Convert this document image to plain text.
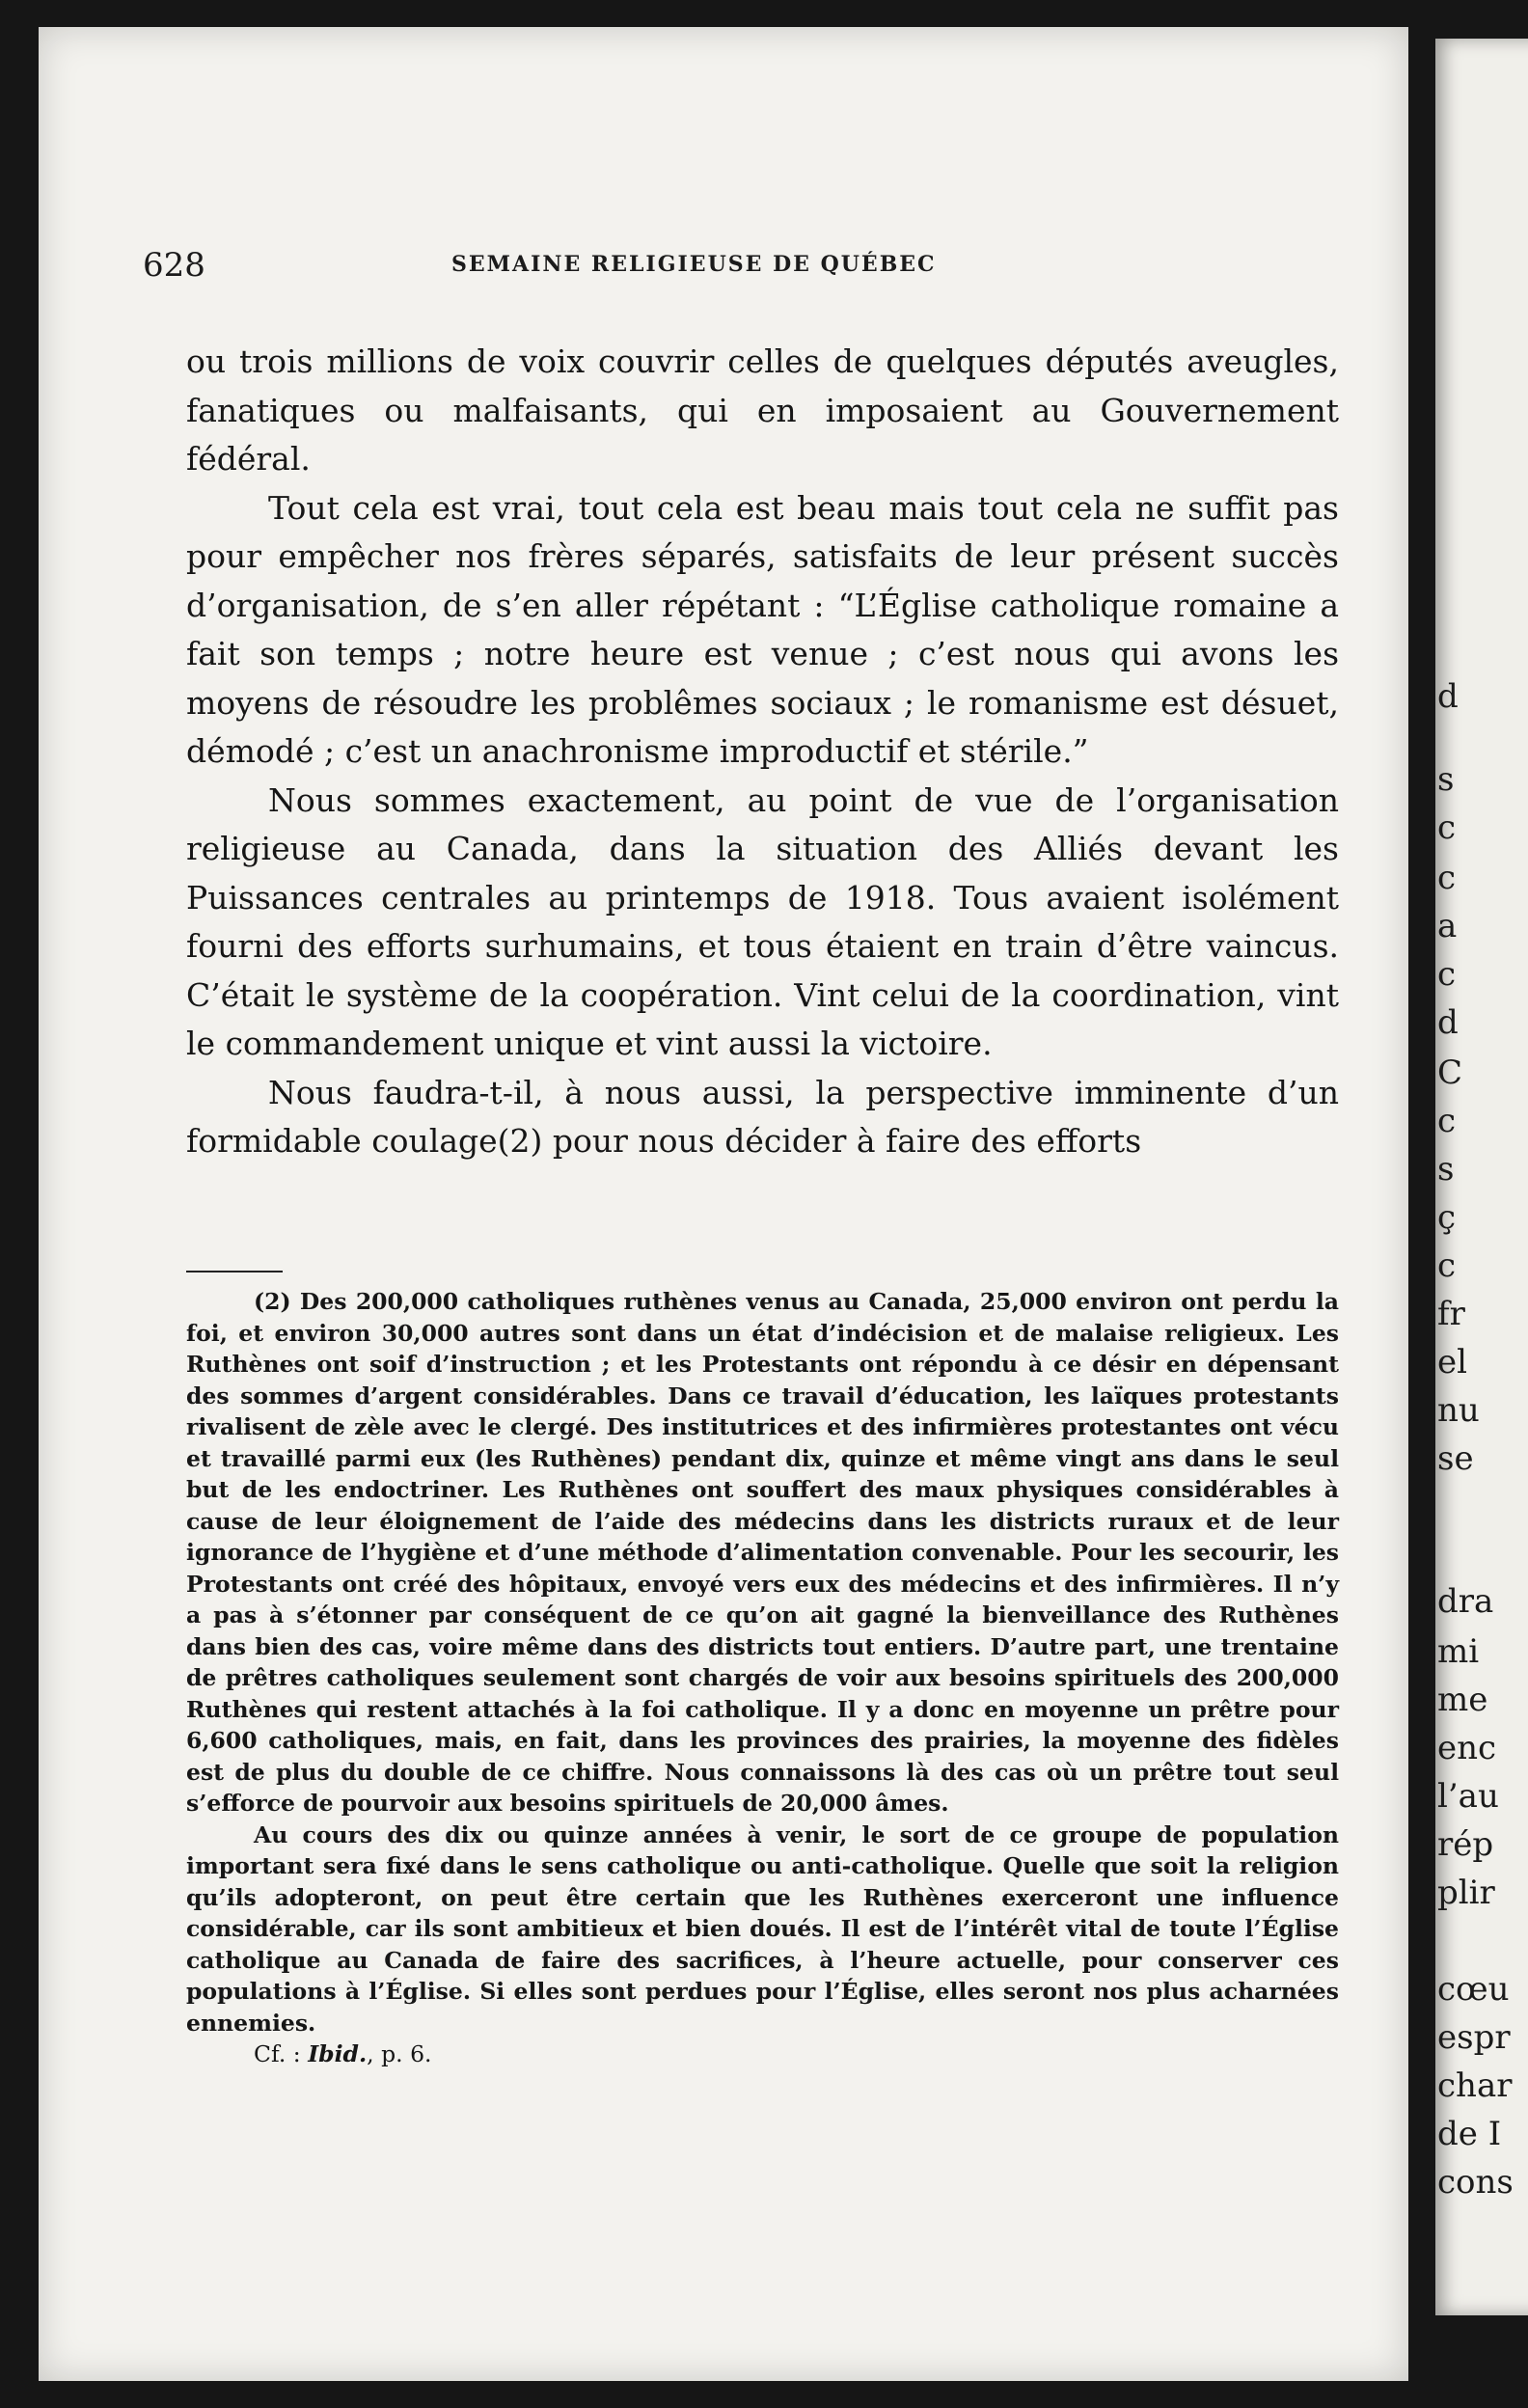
d
s
c
c
a
c
d
C
c
s
ç
c
fr
el
nu
se
dra
mi
me
enc
l’au
rép
plir
cœu
espr
char
de I
cons
628	SEMAINE RELIGIEUSE DE QUÉBEC

ou trois millions de voix couvrir celles de quelques députés aveugles, fanatiques ou malfaisants, qui en imposaient au Gouvernement fédéral.

Tout cela est vrai, tout cela est beau mais tout cela ne suffit pas pour empêcher nos frères séparés, satisfaits de leur présent succès d’organisation, de s’en aller répétant : “L’Église catholique romaine a fait son temps ; notre heure est venue ; c’est nous qui avons les moyens de résoudre les problêmes sociaux ; le romanisme est désuet, démodé ; c’est un anachronisme improductif et stérile.”

Nous sommes exactement, au point de vue de l’organisation religieuse au Canada, dans la situation des Alliés devant les Puissances centrales au printemps de 1918. Tous avaient isolément fourni des efforts surhumains, et tous étaient en train d’être vaincus. C’était le système de la coopération. Vint celui de la coordination, vint le commandement unique et vint aussi la victoire.

Nous faudra-t-il, à nous aussi, la perspective imminente d’un formidable coulage(2) pour nous décider à faire des efforts

(2) Des 200,000 catholiques ruthènes venus au Canada, 25,000 environ ont perdu la foi, et environ 30,000 autres sont dans un état d’indécision et de malaise religieux. Les Ruthènes ont soif d’instruction ; et les Protestants ont répondu à ce désir en dépensant des sommes d’argent considérables. Dans ce travail d’éducation, les laïques protestants rivalisent de zèle avec le clergé. Des institutrices et des infirmières protestantes ont vécu et travaillé parmi eux (les Ruthènes) pendant dix, quinze et même vingt ans dans le seul but de les endoctriner. Les Ruthènes ont souffert des maux physiques considérables à cause de leur éloignement de l’aide des médecins dans les districts ruraux et de leur ignorance de l’hygiène et d’une méthode d’alimentation convenable. Pour les secourir, les Protestants ont créé des hôpitaux, envoyé vers eux des médecins et des infirmières. Il n’y a pas à s’étonner par conséquent de ce qu’on ait gagné la bienveillance des Ruthènes dans bien des cas, voire même dans des districts tout entiers. D’autre part, une trentaine de prêtres catholiques seulement sont chargés de voir aux besoins spirituels des 200,000 Ruthènes qui restent attachés à la foi catholique. Il y a donc en moyenne un prêtre pour 6,600 catholiques, mais, en fait, dans les provinces des prairies, la moyenne des fidèles est de plus du double de ce chiffre. Nous connaissons là des cas où un prêtre tout seul s’efforce de pourvoir aux besoins spirituels de 20,000 âmes.

Au cours des dix ou quinze années à venir, le sort de ce groupe de population important sera fixé dans le sens catholique ou anti-catholique. Quelle que soit la religion qu’ils adopteront, on peut être certain que les Ruthènes exerceront une influence considérable, car ils sont ambitieux et bien doués. Il est de l’intérêt vital de toute l’Église catholique au Canada de faire des sacrifices, à l’heure actuelle, pour conserver ces populations à l’Église. Si elles sont perdues pour l’Église, elles seront nos plus acharnées ennemies.

Cf. : Ibid., p. 6.
